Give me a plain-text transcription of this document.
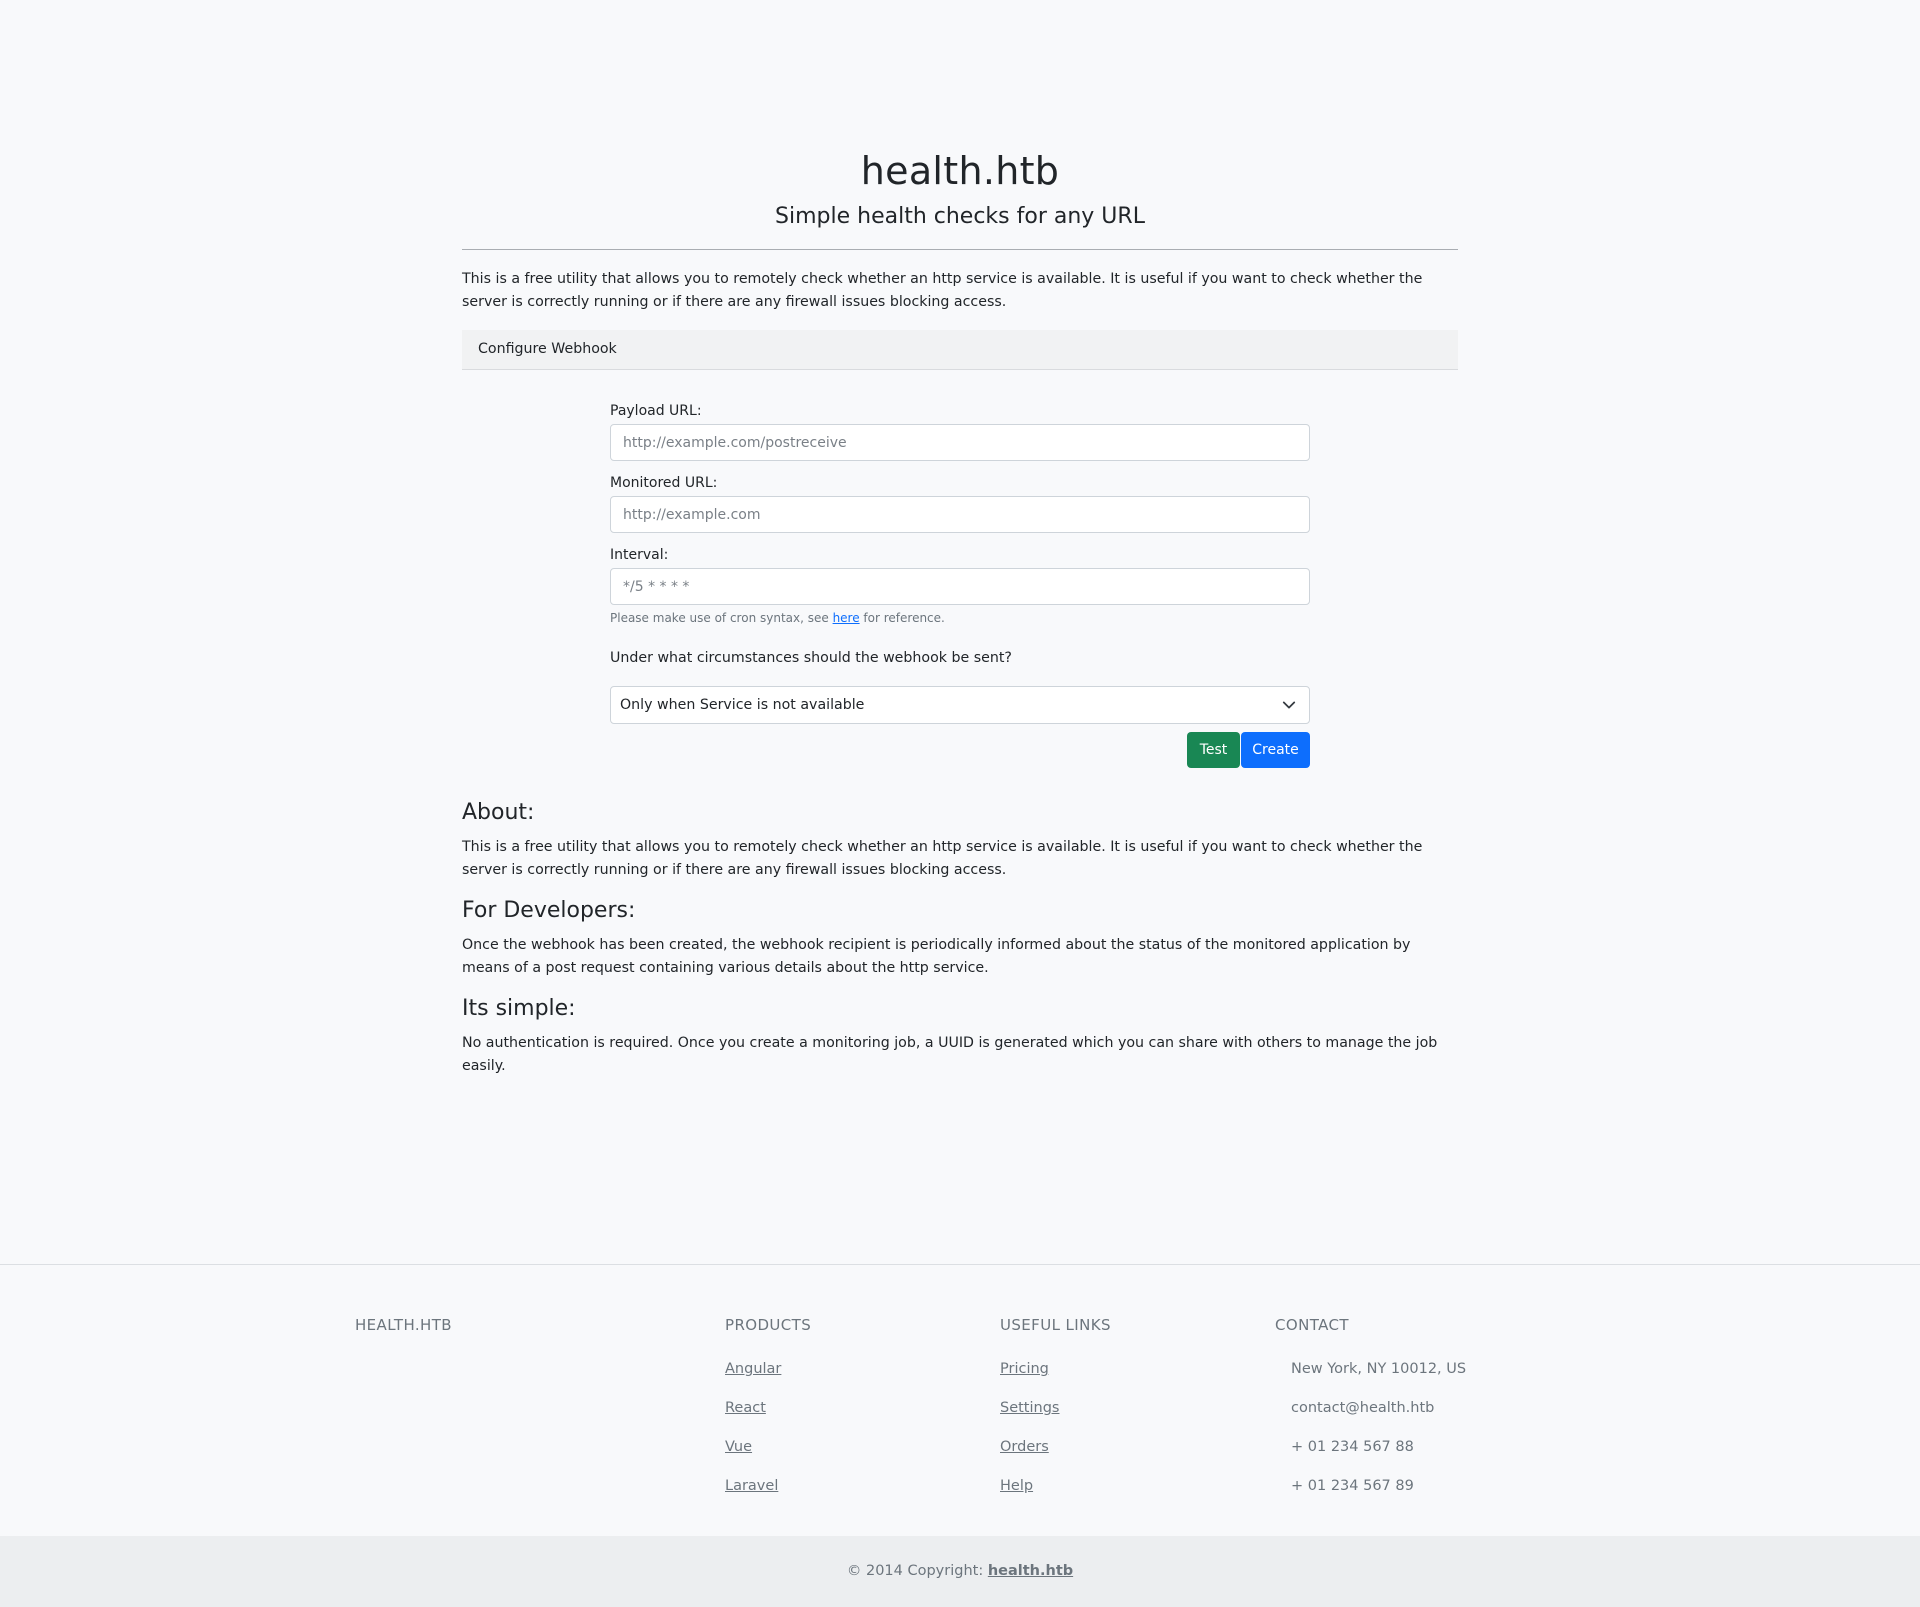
health.htb
Simple health checks for any URL

This is a free utility that allows you to remotely check whether an http service is available. It is useful if you want to check whether the server is correctly running or if there are any firewall issues blocking access.

Configure Webhook
Payload URL:
http://example.com/postreceive
Monitored URL:
http://example.com
Interval:
*/5 * * * *

Please make use of cron syntax, see here for reference.

Under what circumstances should the webhook be sent?

Only when Service is not available
Test Create
About:

This is a free utility that allows you to remotely check whether an http service is available. It is useful if you want to check whether the server is correctly running or if there are any firewall issues blocking access.

For Developers:

Once the webhook has been created, the webhook recipient is periodically informed about the status of the monitored application by means of a post request containing various details about the http service.

Its simple:

No authentication is required. Once you create a monitoring job, a UUID is generated which you can share with others to manage the job easily.

HEALTH.HTB	PRODUCTS

Angular
React
Vue
Laravel

USEFUL LINKS

Pricing
Settings
Orders
Help

CONTACT

New York, NY 10012, US
contact@health.htb
+ 01 234 567 88
+ 01 234 567 89
© 2014 Copyright: health.htb
